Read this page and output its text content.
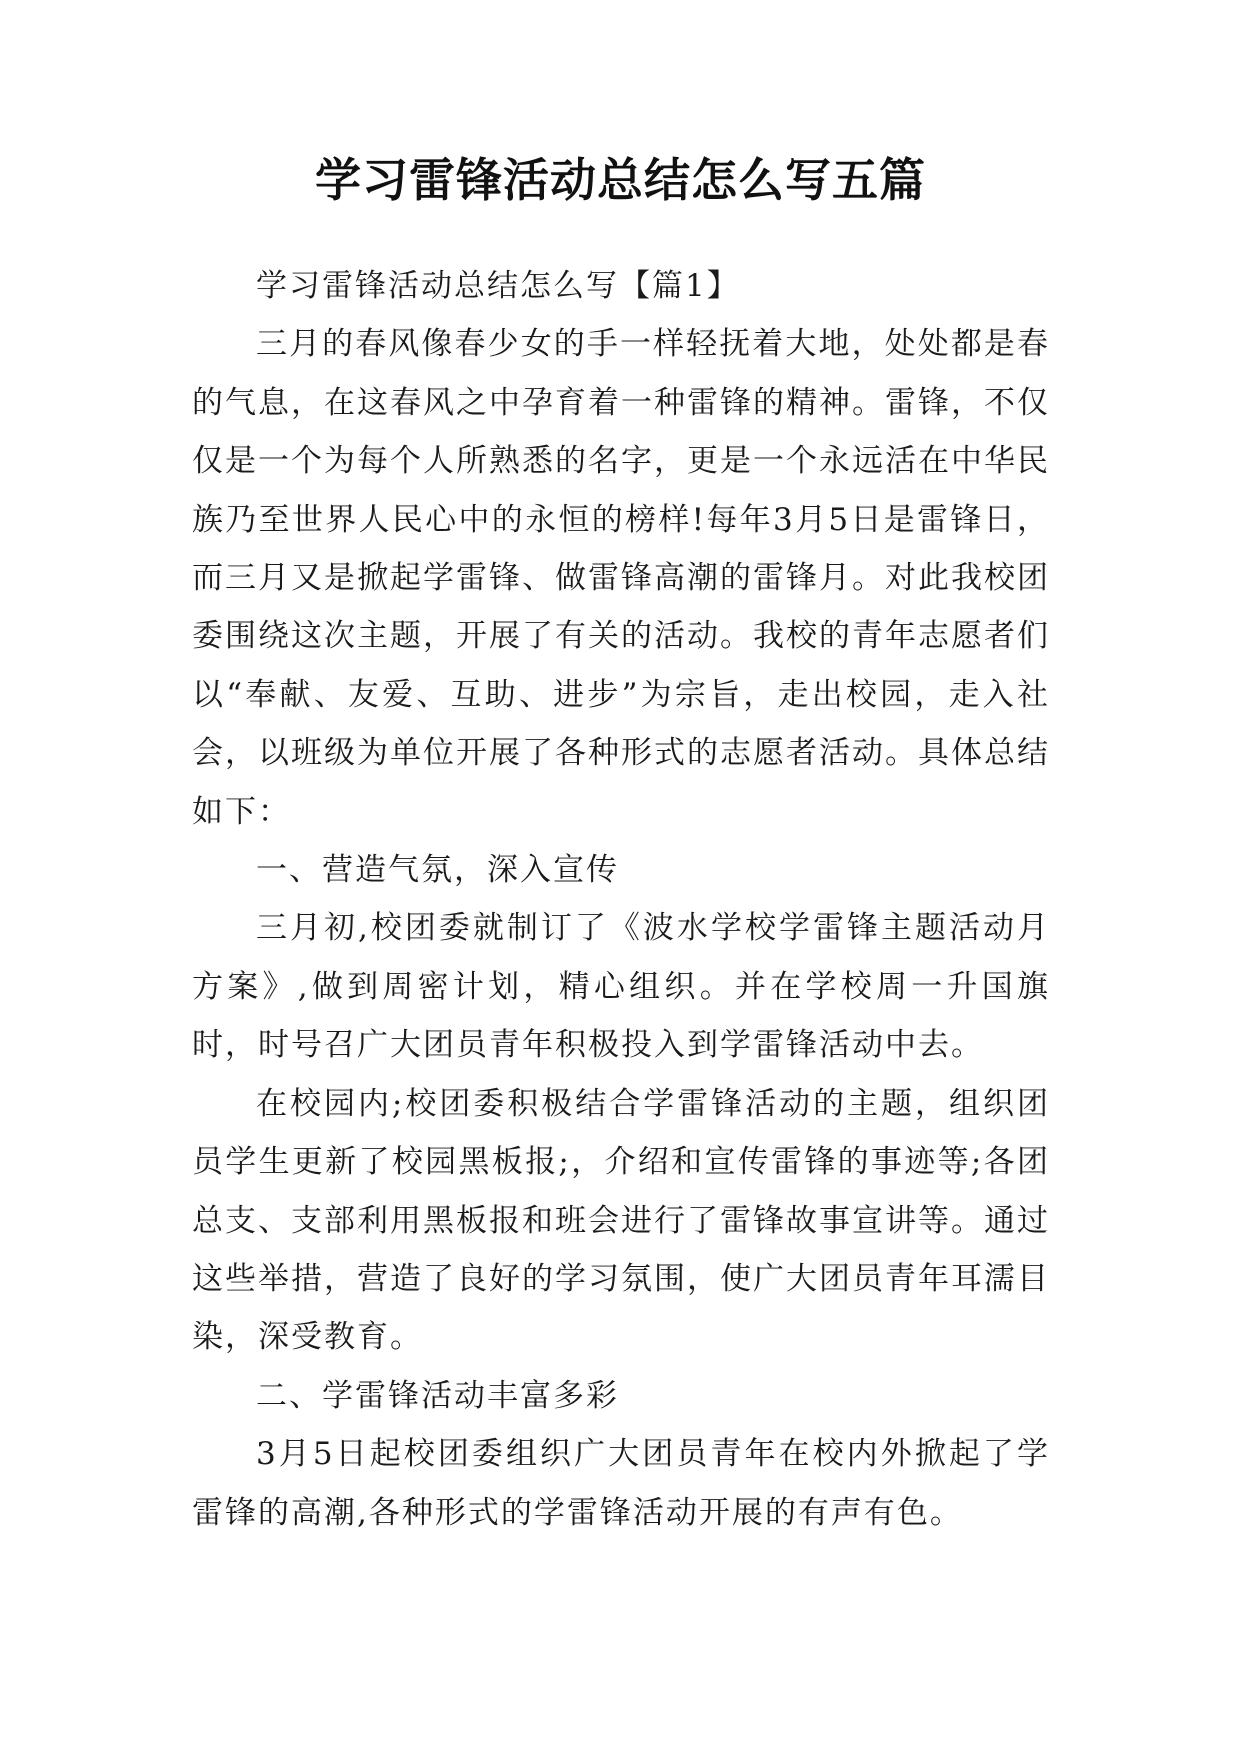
学习雷锋活动总结怎么写五篇

学习雷锋活动总结怎么写【篇1】

三月的春风像春少女的手一样轻抚着大地，处处都是春的气息，在这春风之中孕育着一种雷锋的精神。雷锋，不仅仅是一个为每个人所熟悉的名字，更是一个永远活在中华民族乃至世界人民心中的永恒的榜样!每年3月5日是雷锋日，而三月又是掀起学雷锋、做雷锋高潮的雷锋月。对此我校团委围绕这次主题，开展了有关的活动。我校的青年志愿者们以“奉献、友爱、互助、进步”为宗旨，走出校园，走入社会，以班级为单位开展了各种形式的志愿者活动。具体总结如下：

一、营造气氛，深入宣传

三月初,校团委就制订了《波水学校学雷锋主题活动月方案》,做到周密计划，精心组织。并在学校周一升国旗时，时号召广大团员青年积极投入到学雷锋活动中去。

在校园内;校团委积极结合学雷锋活动的主题，组织团员学生更新了校园黑板报;，介绍和宣传雷锋的事迹等;各团总支、支部利用黑板报和班会进行了雷锋故事宣讲等。通过这些举措，营造了良好的学习氛围，使广大团员青年耳濡目染，深受教育。

二、学雷锋活动丰富多彩

3月5日起校团委组织广大团员青年在校内外掀起了学雷锋的高潮,各种形式的学雷锋活动开展的有声有色。
